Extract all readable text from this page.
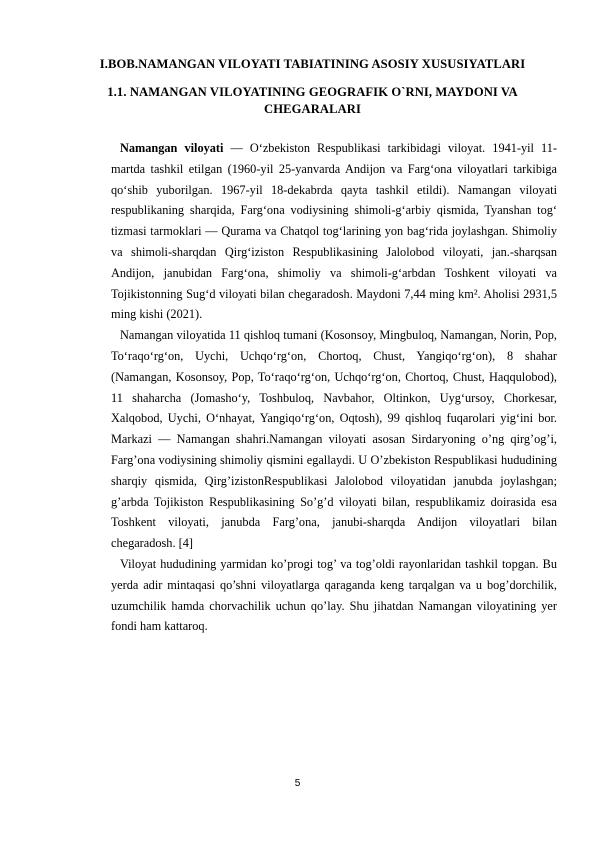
I.BOB.NAMANGAN VILOYATI TABIATINING ASOSIY XUSUSIYATLARI
1.1. NAMANGAN VILOYATINING GEOGRAFIK O`RNI, MAYDONI VA CHEGARALARI

Namangan viloyati — Oʻzbekiston Respublikasi tarkibidagi viloyat. 1941-yil 11-martda tashkil etilgan (1960-yil 25-yanvarda Andijon va Fargʻona viloyatlari tarkibiga qoʻshib yuborilgan. 1967-yil 18-dekabrda qayta tashkil etildi). Namangan viloyati respublikaning sharqida, Fargʻona vodiysining shimoli-gʻarbiy qismida, Tyanshan togʻ tizmasi tarmoklari — Qurama va Chatqol togʻlarining yon bagʻrida joylashgan. Shimoliy va shimoli-sharqdan Qirgʻiziston Respublikasining Jalolobod viloyati, jan.-sharqsan Andijon, janubidan Fargʻona, shimoliy va shimoli-gʻarbdan Toshkent viloyati va Tojikistonning Sugʻd viloyati bilan chegaradosh. Maydoni 7,44 ming km². Aholisi 2931,5 ming kishi (2021).

Namangan viloyatida 11 qishloq tumani (Kosonsoy, Mingbuloq, Namangan, Norin, Pop, Toʻraqoʻrgʻon, Uychi, Uchqoʻrgʻon, Chortoq, Chust, Yangiqoʻrgʻon), 8 shahar (Namangan, Kosonsoy, Pop, Toʻraqoʻrgʻon, Uchqoʻrgʻon, Chortoq, Chust, Haqqulobod), 11 shaharcha (Jomashoʻy, Toshbuloq, Navbahor, Oltinkon, Uygʻursoy, Chorkesar, Xalqobod, Uychi, Oʻnhayat, Yangiqoʻrgʻon, Oqtosh), 99 qishloq fuqarolari yigʻini bor. Markazi — Namangan shahri.Namangan viloyati asosan Sirdaryoning o’ng qirg’og’i, Farg’ona vodiysining shimoliy qismini egallaydi. U O’zbekiston Respublikasi hududining sharqiy qismida, Qirg’izistonRespublikasi Jalolobod viloyatidan janubda joylashgan; g’arbda Tojikiston Respublikasining So’g’d viloyati bilan, respublikamiz doirasida esa Toshkent viloyati, janubda Farg’ona, janubi-sharqda Andijon viloyatlari bilan chegaradosh. [4]

Viloyat hududining yarmidan ko’progi tog’ va tog’oldi rayonlaridan tashkil topgan. Bu yerda adir mintaqasi qo’shni viloyatlarga qaraganda keng tarqalgan va u bog’dorchilik, uzumchilik hamda chorvachilik uchun qo’lay. Shu jihatdan Namangan viloyatining yer fondi ham kattaroq.

5
